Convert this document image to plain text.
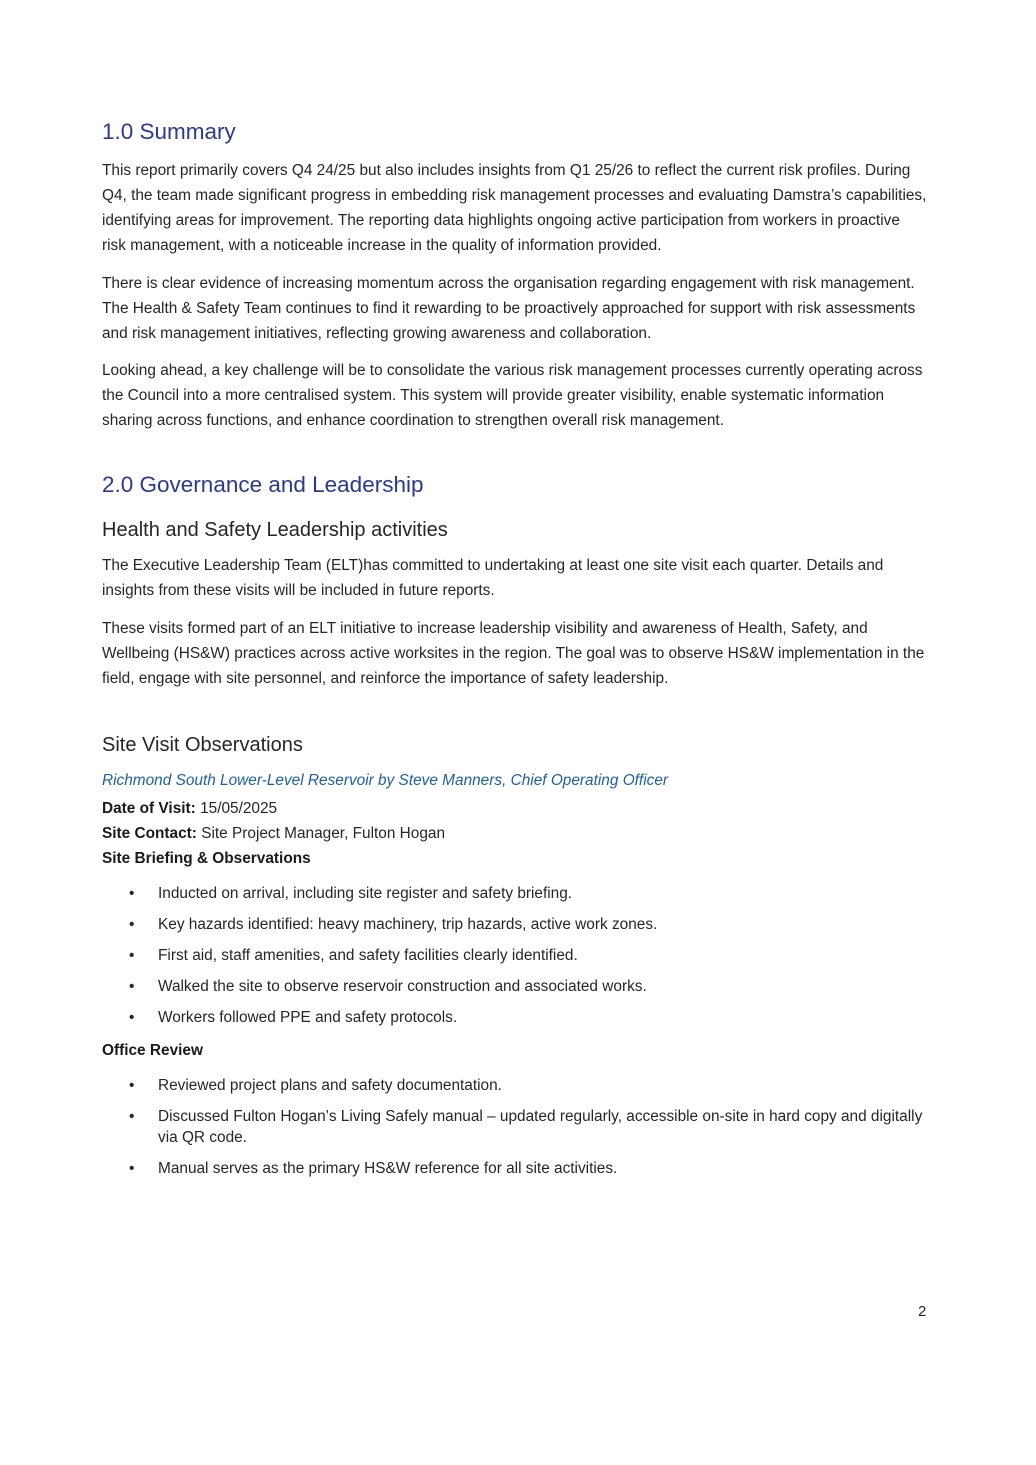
1.0 Summary

This report primarily covers Q4 24/25 but also includes insights from Q1 25/26 to reflect the current risk profiles. During Q4, the team made significant progress in embedding risk management processes and evaluating Damstra’s capabilities, identifying areas for improvement. The reporting data highlights ongoing active participation from workers in proactive risk management, with a noticeable increase in the quality of information provided.

There is clear evidence of increasing momentum across the organisation regarding engagement with risk management. The Health & Safety Team continues to find it rewarding to be proactively approached for support with risk assessments and risk management initiatives, reflecting growing awareness and collaboration.

Looking ahead, a key challenge will be to consolidate the various risk management processes currently operating across the Council into a more centralised system. This system will provide greater visibility, enable systematic information sharing across functions, and enhance coordination to strengthen overall risk management.

2.0 Governance and Leadership
Health and Safety Leadership activities

The Executive Leadership Team (ELT)has committed to undertaking at least one site visit each quarter. Details and insights from these visits will be included in future reports.

These visits formed part of an ELT initiative to increase leadership visibility and awareness of Health, Safety, and Wellbeing (HS&W) practices across active worksites in the region. The goal was to observe HS&W implementation in the field, engage with site personnel, and reinforce the importance of safety leadership.

Site Visit Observations
Richmond South Lower-Level Reservoir by Steve Manners, Chief Operating Officer
Date of Visit: 15/05/2025
Site Contact: Site Project Manager, Fulton Hogan
Site Briefing & Observations
• Inducted on arrival, including site register and safety briefing.
• Key hazards identified: heavy machinery, trip hazards, active work zones.
• First aid, staff amenities, and safety facilities clearly identified.
• Walked the site to observe reservoir construction and associated works.
• Workers followed PPE and safety protocols.
Office Review
• Reviewed project plans and safety documentation.
• Discussed Fulton Hogan’s Living Safely manual – updated regularly, accessible on-site in hard copy and digitally via QR code.
• Manual serves as the primary HS&W reference for all site activities.
2
